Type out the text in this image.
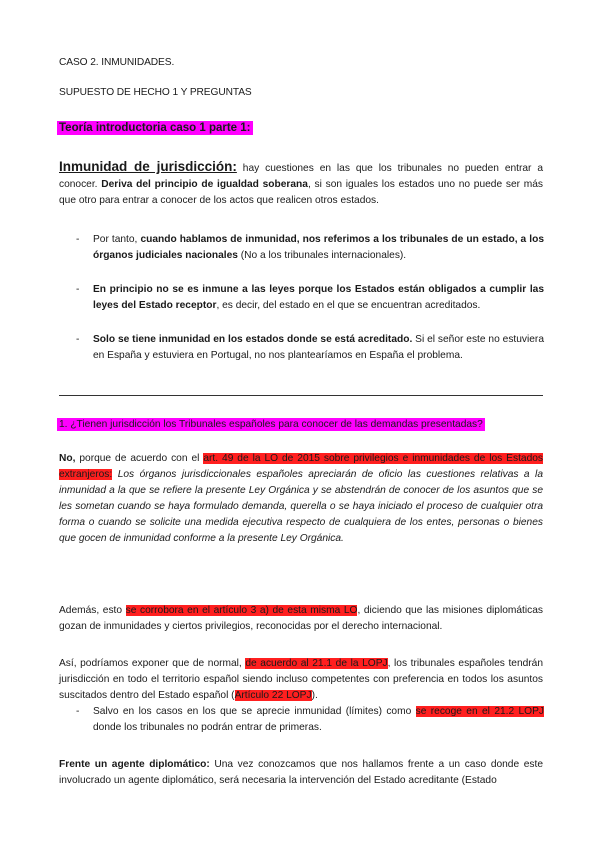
CASO 2. INMUNIDADES.
SUPUESTO DE HECHO 1 Y PREGUNTAS
Teoría introductoria caso 1 parte 1:

Inmunidad de jurisdicción: hay cuestiones en las que los tribunales no pueden entrar a conocer. Deriva del principio de igualdad soberana, si son iguales los estados uno no puede ser más que otro para entrar a conocer de los actos que realicen otros estados.

- Por tanto, cuando hablamos de inmunidad, nos referimos a los tribunales de un estado, a los órganos judiciales nacionales (No a los tribunales internacionales).

- En principio no se es inmune a las leyes porque los Estados están obligados a cumplir las leyes del Estado receptor, es decir, del estado en el que se encuentran acreditados.

- Solo se tiene inmunidad en los estados donde se está acreditado. Si el señor este no estuviera en España y estuviera en Portugal, no nos plantearíamos en España el problema.

1. ¿Tienen jurisdicción los Tribunales españoles para conocer de las demandas presentadas?

No, porque de acuerdo con el art. 49 de la LO de 2015 sobre privilegios e inmunidades de los Estados extranjeros: Los órganos jurisdiccionales españoles apreciarán de oficio las cuestiones relativas a la inmunidad a la que se refiere la presente Ley Orgánica y se abstendrán de conocer de los asuntos que se les sometan cuando se haya formulado demanda, querella o se haya iniciado el proceso de cualquier otra forma o cuando se solicite una medida ejecutiva respecto de cualquiera de los entes, personas o bienes que gocen de inmunidad conforme a la presente Ley Orgánica.

Además, esto se corrobora en el artículo 3 a) de esta misma LO, diciendo que las misiones diplomáticas gozan de inmunidades y ciertos privilegios, reconocidas por el derecho internacional.

Así, podríamos exponer que de normal, de acuerdo al 21.1 de la LOPJ, los tribunales españoles tendrán jurisdicción en todo el territorio español siendo incluso competentes con preferencia en todos los asuntos suscitados dentro del Estado español (Artículo 22 LOPJ).

- Salvo en los casos en los que se aprecie inmunidad (límites) como se recoge en el 21.2 LOPJ donde los tribunales no podrán entrar de primeras.

Frente un agente diplomático: Una vez conozcamos que nos hallamos frente a un caso donde este involucrado un agente diplomático, será necesaria la intervención del Estado acreditante (Estado
